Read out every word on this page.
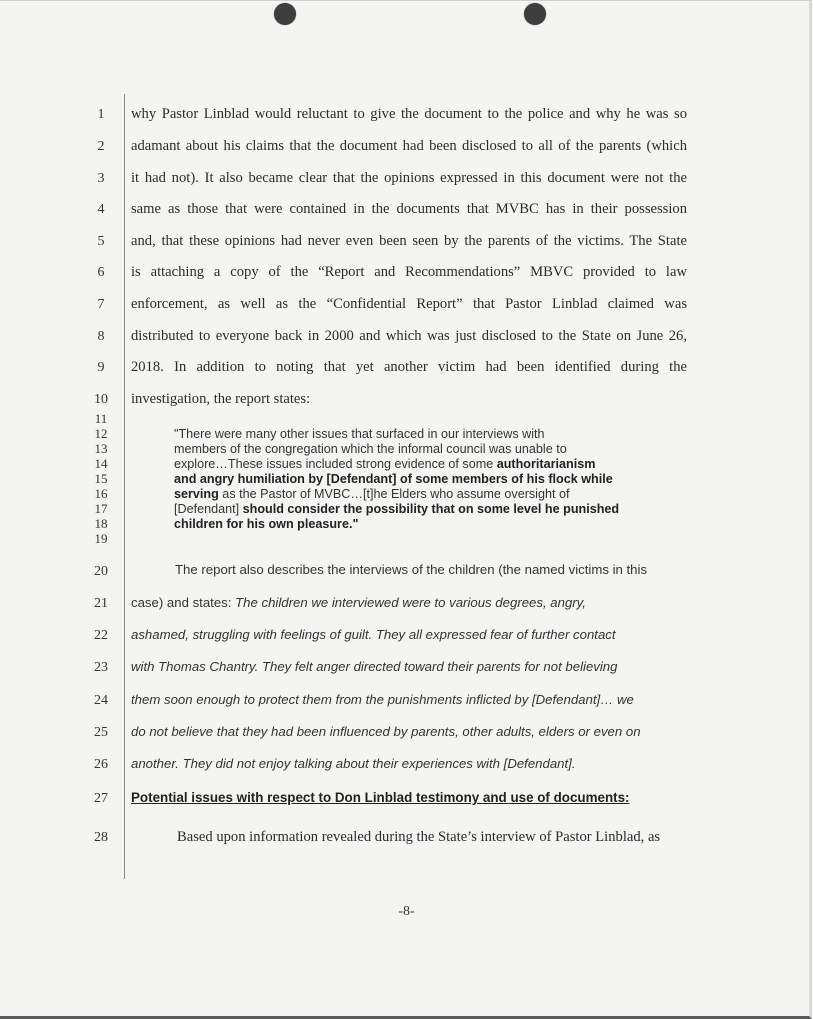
1
2
3
4
5
6
7
8
9
10
11
12
13
14
15
16
17
18
19
20
21
22
23
24
25
26
27
28
why Pastor Linblad would reluctant to give the document to the police and why he was so
adamant about his claims that the document had been disclosed to all of the parents (which
it had not). It also became clear that the opinions expressed in this document were not the
same as those that were contained in the documents that MVBC has in their possession
and, that these opinions had never even been seen by the parents of the victims. The State
is attaching a copy of the “Report and Recommendations” MBVC provided to law
enforcement, as well as the “Confidential Report” that Pastor Linblad claimed was
distributed to everyone back in 2000 and which was just disclosed to the State on June 26,
2018. In addition to noting that yet another victim had been identified during the
investigation, the report states:
"There were many other issues that surfaced in our interviews with
members of the congregation which the informal council was unable to
explore…These issues included strong evidence of some authoritarianism
and angry humiliation by [Defendant] of some members of his flock while
serving as the Pastor of MVBC…[t]he Elders who assume oversight of
[Defendant] should consider the possibility that on some level he punished
children for his own pleasure."
The report also describes the interviews of the children (the named victims in this
case) and states: The children we interviewed were to various degrees, angry,
ashamed, struggling with feelings of guilt. They all expressed fear of further contact
with Thomas Chantry. They felt anger directed toward their parents for not believing
them soon enough to protect them from the punishments inflicted by [Defendant]… we
do not believe that they had been influenced by parents, other adults, elders or even on
another. They did not enjoy talking about their experiences with [Defendant].
Potential issues with respect to Don Linblad testimony and use of documents:
Based upon information revealed during the State’s interview of Pastor Linblad, as
-8-
